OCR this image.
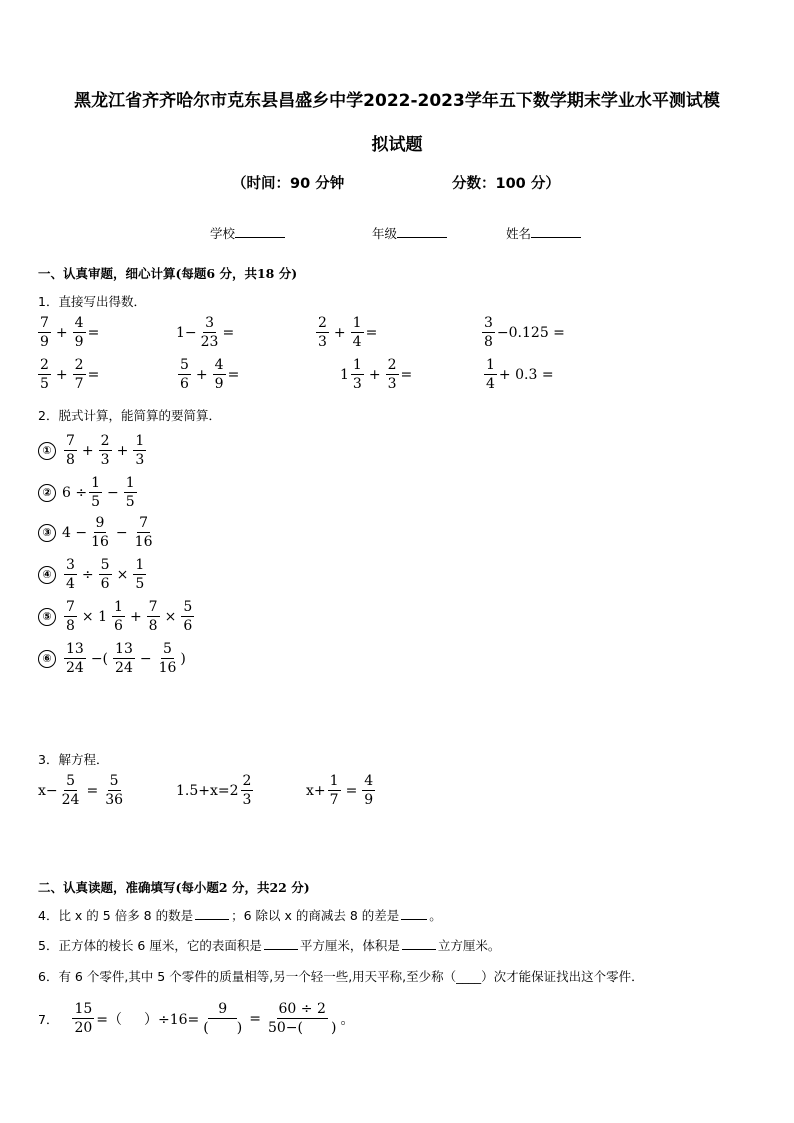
黑龙江省齐齐哈尔市克东县昌盛乡中学2022-2023学年五下数学期末学业水平测试模
拟试题
（时间：90 分钟	分数：100 分）
学校	年级	姓名
一、认真审题，细心计算(每题6 分，共18 分)
1．直接写出得数．
$\frac{7}{9} + \frac{4}{9}$ =	$1- \frac{3}{23}$ =	$\frac{2}{3} + \frac{1}{4}$ =	$\frac{3}{8} -0.125$ =
$\frac{2}{5} + \frac{2}{7}$ =	$\frac{5}{6} + \frac{4}{9}$ =	$1 \frac{1}{3} + \frac{2}{3}$ =	$\frac{1}{4} + 0.3$ =
2．脱式计算，能简算的要简算．
①
7
8
+ $\frac{2}{3} + \frac{1}{3}$
② $6 \div \frac{1}{5} - \frac{1}{5}$
③ $4 - \frac{9}{16} - \frac{7}{16}$
④ $\frac{3}{4} \div \frac{5}{6} \times \frac{1}{5}$
⑤ $\frac{7}{8} \times 1$
1
6
+ $\frac{7}{8} \times \frac{5}{6}$
⑥
13
24
−(
13
24
− $\frac{5}{16}$ )
3．解方程．
$x- \frac{5}{24} = \frac{5}{36}$	1.5+x=2
2
3
$x+ \frac{1}{7} = \frac{4}{9}$
二、认真读题，准确填写(每小题2 分，共22 分)
4．比 x 的 5 倍多 8 的数是	；6 除以 x 的商减去 8 的差是 。
5．正方体的棱长 6 厘米，它的表面积是	平方厘米，体积是	立方厘米。
6．有 6 个零件,其中 5 个零件的质量相等,另一个轻一些,用天平称,至少称（____）次才能保证找出这个零件．
7． $\frac{15}{20}$ =（ ）÷16=
9
(　　)
= $\frac{60 \div 2}{50-( )}$ 。
